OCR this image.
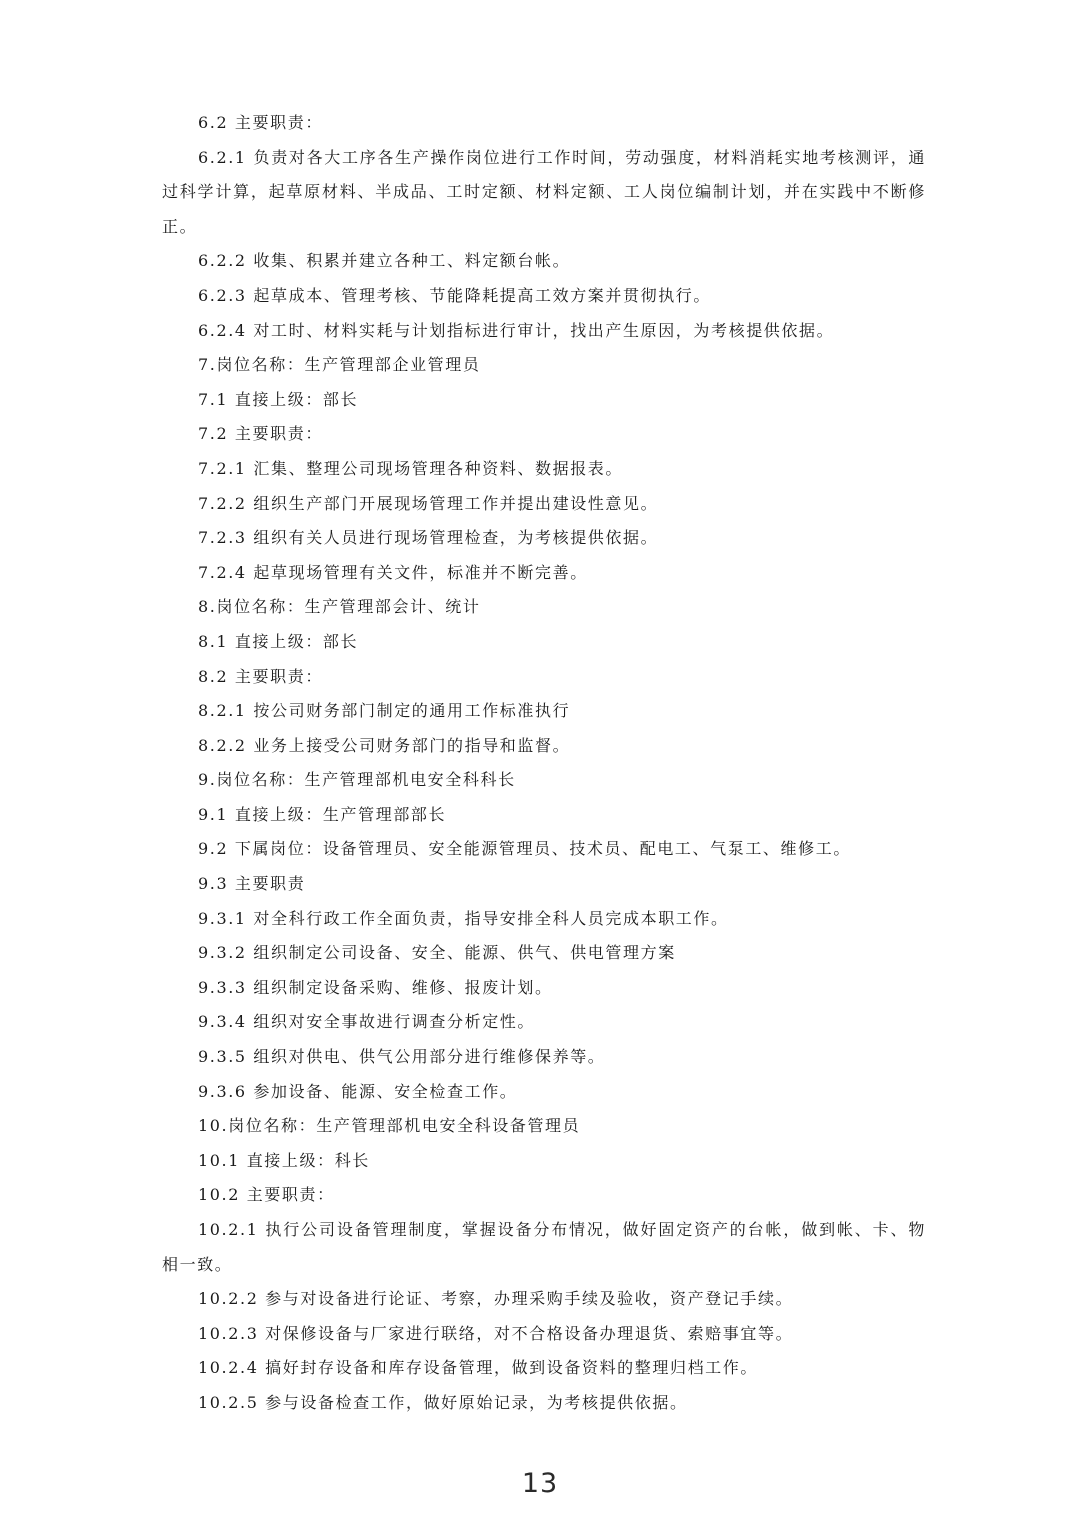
6.2 主要职责：

6.2.1 负责对各大工序各生产操作岗位进行工作时间，劳动强度，材料消耗实地考核测评，通过科学计算，起草原材料、半成品、工时定额、材料定额、工人岗位编制计划，并在实践中不断修正。

6.2.2 收集、积累并建立各种工、料定额台帐。

6.2.3 起草成本、管理考核、节能降耗提高工效方案并贯彻执行。

6.2.4 对工时、材料实耗与计划指标进行审计，找出产生原因，为考核提供依据。

7.岗位名称：生产管理部企业管理员

7.1 直接上级：部长

7.2 主要职责：

7.2.1 汇集、整理公司现场管理各种资料、数据报表。

7.2.2 组织生产部门开展现场管理工作并提出建设性意见。

7.2.3 组织有关人员进行现场管理检查，为考核提供依据。

7.2.4 起草现场管理有关文件，标准并不断完善。

8.岗位名称：生产管理部会计、统计

8.1 直接上级：部长

8.2 主要职责：

8.2.1 按公司财务部门制定的通用工作标准执行

8.2.2 业务上接受公司财务部门的指导和监督。

9.岗位名称：生产管理部机电安全科科长

9.1 直接上级：生产管理部部长

9.2 下属岗位：设备管理员、安全能源管理员、技术员、配电工、气泵工、维修工。

9.3 主要职责

9.3.1 对全科行政工作全面负责，指导安排全科人员完成本职工作。

9.3.2 组织制定公司设备、安全、能源、供气、供电管理方案

9.3.3 组织制定设备采购、维修、报废计划。

9.3.4 组织对安全事故进行调查分析定性。

9.3.5 组织对供电、供气公用部分进行维修保养等。

9.3.6 参加设备、能源、安全检查工作。

10.岗位名称：生产管理部机电安全科设备管理员

10.1 直接上级：科长

10.2 主要职责：

10.2.1 执行公司设备管理制度，掌握设备分布情况，做好固定资产的台帐，做到帐、卡、物相一致。

10.2.2 参与对设备进行论证、考察，办理采购手续及验收，资产登记手续。

10.2.3 对保修设备与厂家进行联络，对不合格设备办理退货、索赔事宜等。

10.2.4 搞好封存设备和库存设备管理，做到设备资料的整理归档工作。

10.2.5 参与设备检查工作，做好原始记录，为考核提供依据。

13
